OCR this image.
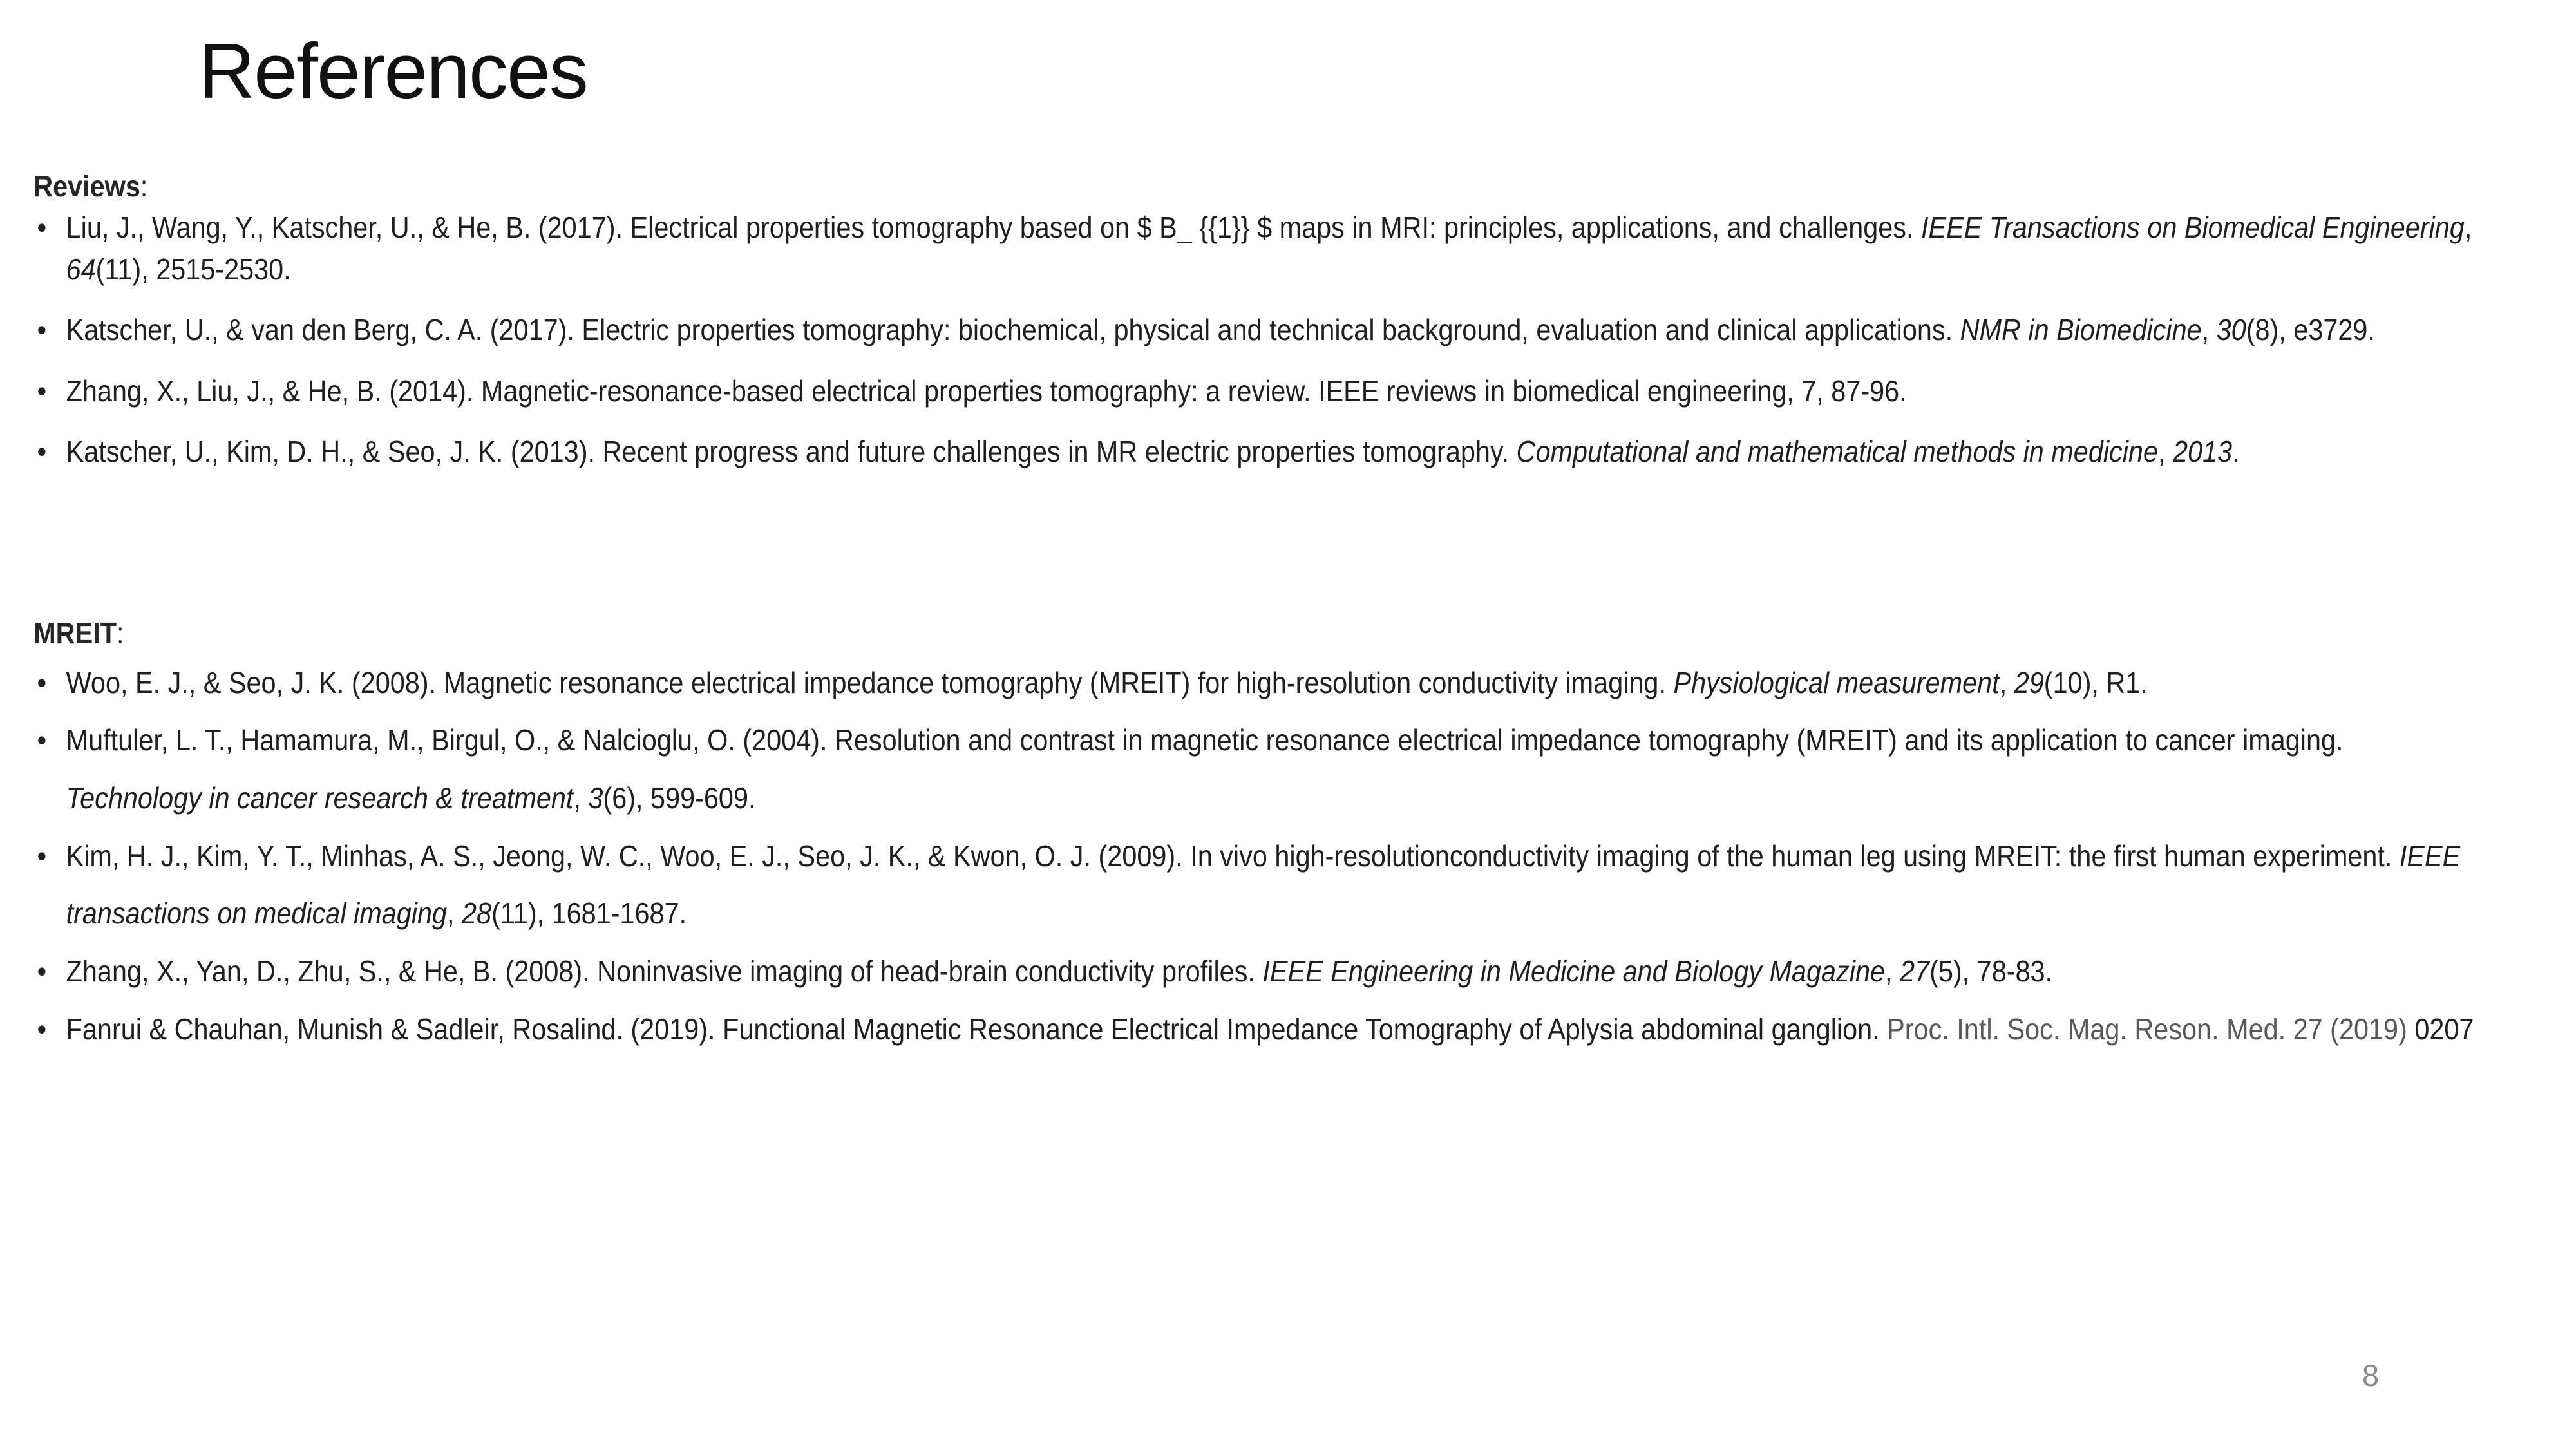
References
Reviews:
• Liu, J., Wang, Y., Katscher, U., & He, B. (2017). Electrical properties tomography based on $ B_ {{1}} $ maps in MRI: principles, applications, and challenges. IEEE Transactions on Biomedical Engineering, 64(11), 2515-2530.
• Katscher, U., & van den Berg, C. A. (2017). Electric properties tomography: biochemical, physical and technical background, evaluation and clinical applications. NMR in Biomedicine, 30(8), e3729.
• Zhang, X., Liu, J., & He, B. (2014). Magnetic-resonance-based electrical properties tomography: a review. IEEE reviews in biomedical engineering, 7, 87-96.
• Katscher, U., Kim, D. H., & Seo, J. K. (2013). Recent progress and future challenges in MR electric properties tomography. Computational and mathematical methods in medicine, 2013.
MREIT:
• Woo, E. J., & Seo, J. K. (2008). Magnetic resonance electrical impedance tomography (MREIT) for high-resolution conductivity imaging. Physiological measurement, 29(10), R1.
• Muftuler, L. T., Hamamura, M., Birgul, O., & Nalcioglu, O. (2004). Resolution and contrast in magnetic resonance electrical impedance tomography (MREIT) and its application to cancer imaging. Technology in cancer research & treatment, 3(6), 599-609.
• Kim, H. J., Kim, Y. T., Minhas, A. S., Jeong, W. C., Woo, E. J., Seo, J. K., & Kwon, O. J. (2009). In vivo high-resolutionconductivity imaging of the human leg using MREIT: the first human experiment. IEEE transactions on medical imaging, 28(11), 1681-1687.
• Zhang, X., Yan, D., Zhu, S., & He, B. (2008). Noninvasive imaging of head-brain conductivity profiles. IEEE Engineering in Medicine and Biology Magazine, 27(5), 78-83.
• Fanrui & Chauhan, Munish & Sadleir, Rosalind. (2019). Functional Magnetic Resonance Electrical Impedance Tomography of Aplysia abdominal ganglion. Proc. Intl. Soc. Mag. Reson. Med. 27 (2019) 0207
8
